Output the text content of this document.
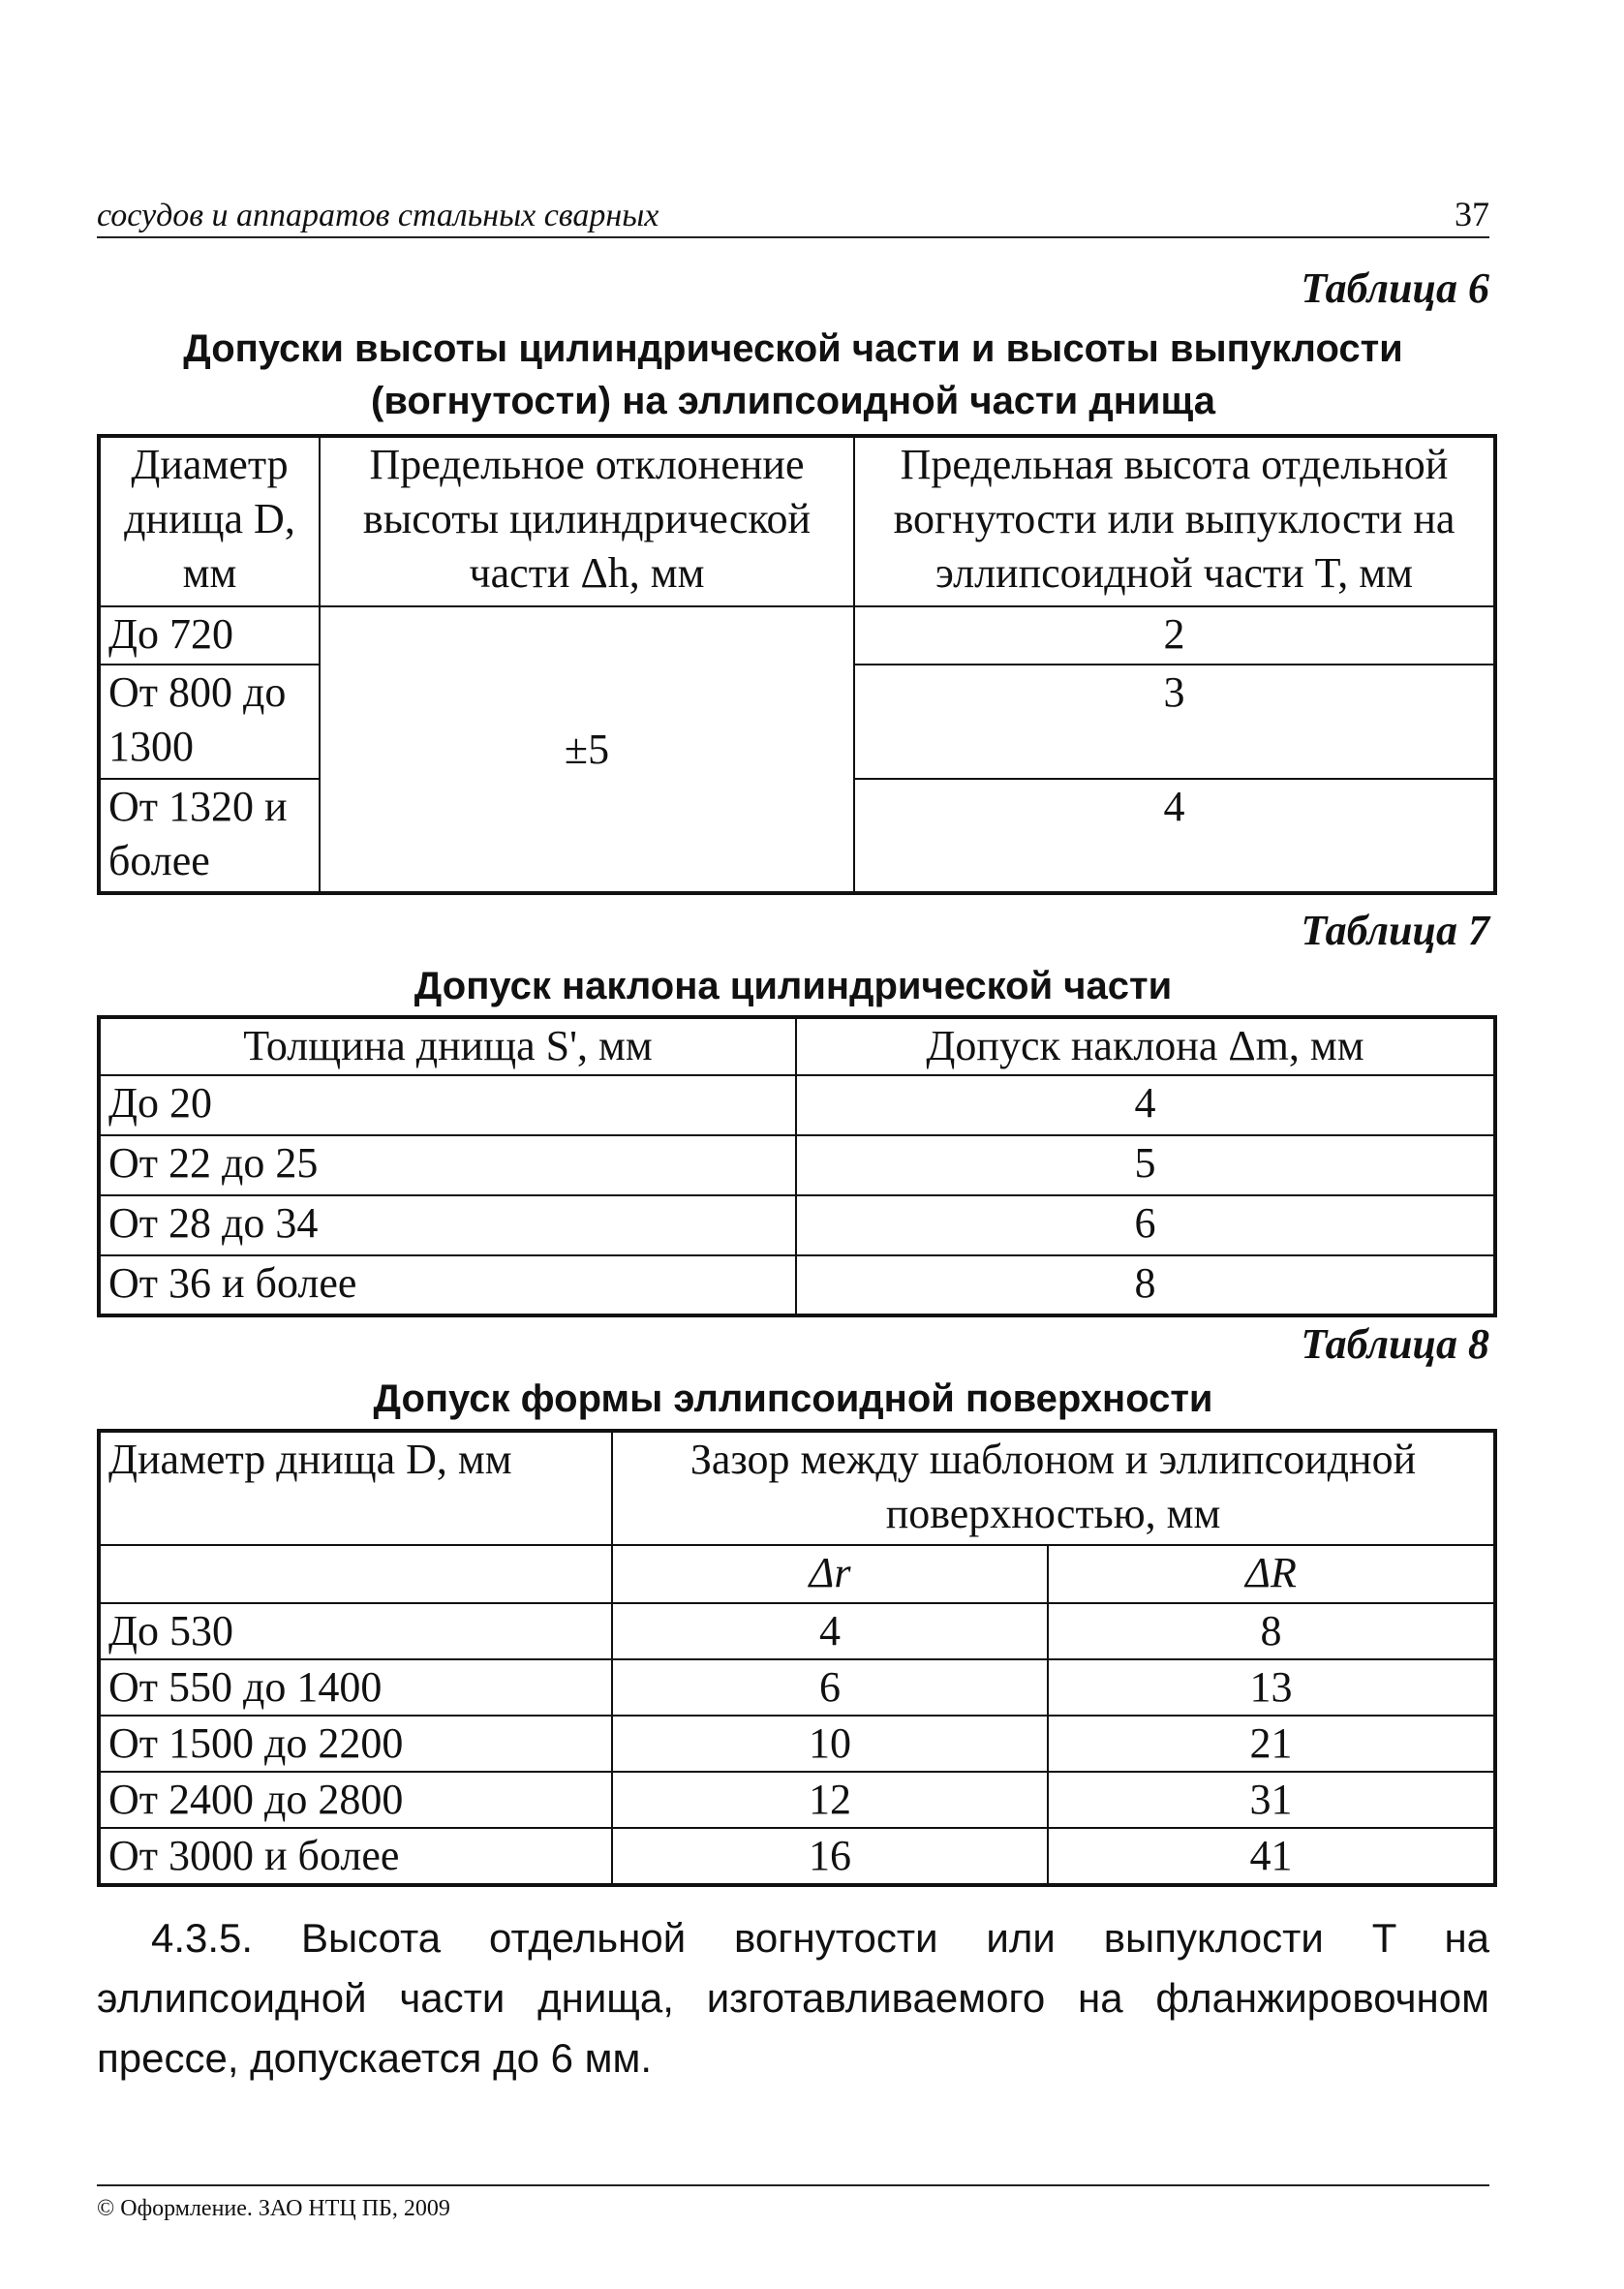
сосудов и аппаратов стальных сварных	37

Таблица 6

Допуски высоты цилиндрической части и высоты выпуклости

(вогнутости) на эллипсоидной части днища

Диаметр днища D, мм	Предельное отклонение высоты цилиндрической части Δh, мм	Предельная высота отдельной вогнутости или выпуклости на эллипсоидной части T, мм
До 720	±5	2
От 800 до 1300		3
От 1320 и более		4

Таблица 7

Допуск наклона цилиндрической части

Толщина днища S', мм	Допуск наклона Δm, мм
До 20	4
От 22 до 25	5
От 28 до 34	6
От 36 и более	8

Таблица 8

Допуск формы эллипсоидной поверхности

Диаметр днища D, мм	Зазор между шаблоном и эллипсоидной поверхностью, мм	
	Δr	ΔR
До 530	4	8
От 550 до 1400	6	13
От 1500 до 2200	10	21
От 2400 до 2800	12	31
От 3000 и более	16	41

4.3.5. Высота отдельной вогнутости или выпуклости T на эллипсоидной части днища, изготавливаемого на фланжировочном прессе, допускается до 6 мм.

© Оформление. ЗАО НТЦ ПБ, 2009
